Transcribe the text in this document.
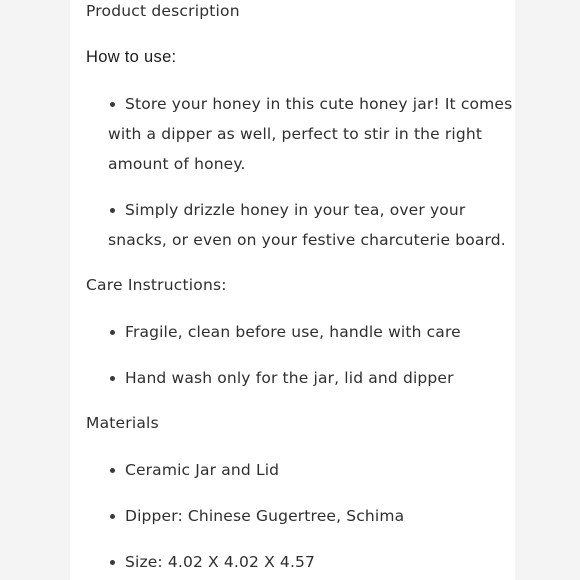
Product description
How to use:
Store your honey in this cute honey jar! It comes
with a dipper as well, perfect to stir in the right
amount of honey.
Simply drizzle honey in your tea, over your
snacks, or even on your festive charcuterie board.
Care Instructions:
Fragile, clean before use, handle with care
Hand wash only for the jar, lid and dipper
Materials
Ceramic Jar and Lid
Dipper: Chinese Gugertree, Schima
Size: 4.02 X 4.02 X 4.57
